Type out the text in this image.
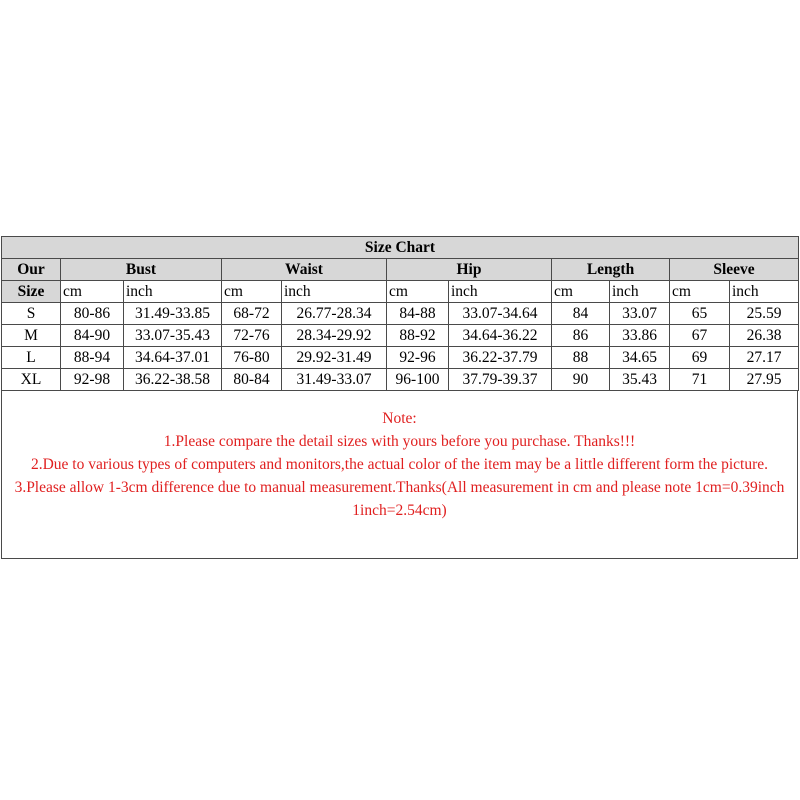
Size Chart										
Our	Bust		Waist		Hip		Length		Sleeve	
Size	cm	inch	cm	inch	cm	inch	cm	inch	cm	inch
S	80-86	31.49-33.85	68-72	26.77-28.34	84-88	33.07-34.64	84	33.07	65	25.59
M	84-90	33.07-35.43	72-76	28.34-29.92	88-92	34.64-36.22	86	33.86	67	26.38
L	88-94	34.64-37.01	76-80	29.92-31.49	92-96	36.22-37.79	88	34.65	69	27.17
XL	92-98	36.22-38.58	80-84	31.49-33.07	96-100	37.79-39.37	90	35.43	71	27.95

Note:

1.Please compare the detail sizes with yours before you purchase. Thanks!!!

2.Due to various types of computers and monitors,the actual color of the item may be a little different form the picture.

3.Please allow 1-3cm difference due to manual measurement.Thanks(All measurement in cm and please note 1cm=0.39inch 1inch=2.54cm)
